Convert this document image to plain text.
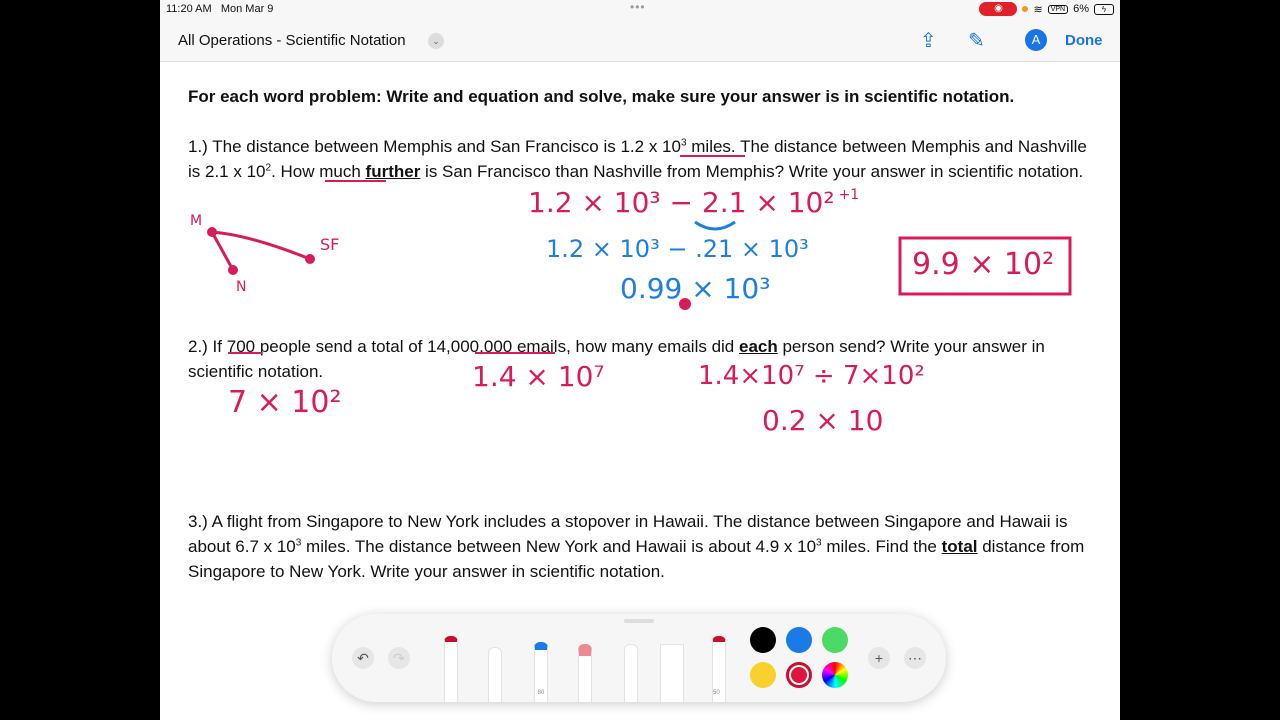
11:20 AM Mon Mar 9	•••	◉	≋	VPN 6%	ϟ
All Operations - Scientific Notation	⌄	⇪ ✎	A	Done
For each word problem: Write and equation and solve, make sure your answer is in scientific notation.
1.) The distance between Memphis and San Francisco is 1.2 x $10^3$ miles. The distance between Memphis and Nashville is 2.1 x $10^2$. How much further is San Francisco than Nashville from Memphis? Write your answer in scientific notation.
2.) If 700 people send a total of 14,000,000 emails, how many emails did each person send? Write your answer in scientific notation.
3.) A flight from Singapore to New York includes a stopover in Hawaii. The distance between Singapore and Hawaii is about 6.7 x $10^3$ miles. The distance between New York and Hawaii is about 4.9 x $10^3$ miles. Find the total distance from Singapore to New York. Write your answer in scientific notation.
M
N
SF
1.2 × 10³ − 2.1 × 10² +1
1.2 × 10³ − .21 × 10³
0.99 × 10³
9.9 × 10²
7 × 10²
1.4 × 10⁷	1.4×10⁷ ÷ 7×10²
0.2 × 10
↶	↷
80	50
+	⋯
